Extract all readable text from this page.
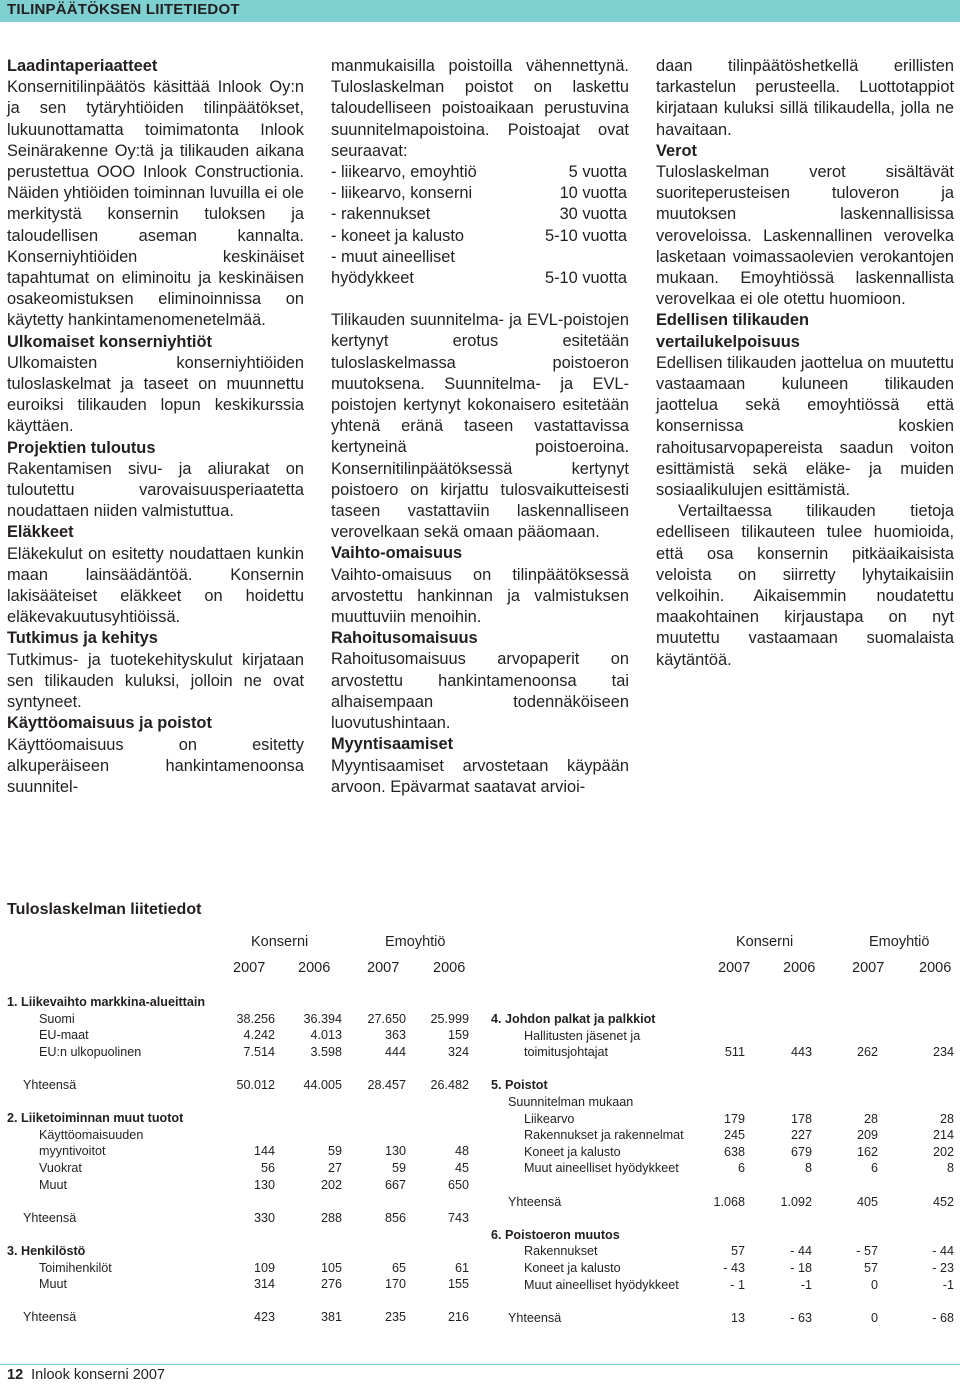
TILINPÄÄTÖKSEN LIITETIEDOT
Laadintaperiaatteet

Konsernitilinpäätös käsittää Inlook Oy:n ja sen tytäryhtiöiden tilinpäätökset, lukuunottamatta toimimatonta Inlook Seinärakenne Oy:tä ja tilikauden aikana perustettua OOO Inlook Constructionia. Näiden yhtiöiden toiminnan luvuilla ei ole merkitystä konsernin tuloksen ja taloudellisen aseman kannalta. Konserniyhtiöiden keskinäiset tapahtumat on eliminoitu ja keskinäisen osakeomistuksen eliminoinnissa on käytetty hankintamenomenetelmää.

Ulkomaiset konserniyhtiöt

Ulkomaisten konserniyhtiöiden tuloslaskelmat ja taseet on muunnettu euroiksi tilikauden lopun keskikurssia käyttäen.

Projektien tuloutus

Rakentamisen sivu- ja aliurakat on tuloutettu varovaisuusperiaatetta noudattaen niiden valmistuttua.

Eläkkeet

Eläkekulut on esitetty noudattaen kunkin maan lainsäädäntöä. Konsernin lakisääteiset eläkkeet on hoidettu eläkevakuutusyhtiöissä.

Tutkimus ja kehitys

Tutkimus- ja tuotekehityskulut kirjataan sen tilikauden kuluksi, jolloin ne ovat syntyneet.

Käyttöomaisuus ja poistot

Käyttöomaisuus on esitetty alkuperäiseen hankintamenoonsa suunnitel-

manmukaisilla poistoilla vähennettynä. Tuloslaskelman poistot on laskettu taloudelliseen poistoaikaan perustuvina suunnitelmapoistoina. Poistoajat ovat seuraavat:

- liikearvo, emoyhtiö	5 vuotta
- liikearvo, konserni	10 vuotta
- rakennukset	30 vuotta
- koneet ja kalusto	5-10 vuotta
- muut aineelliset hyödykkeet	5-10 vuotta

Tilikauden suunnitelma- ja EVL-poistojen kertynyt erotus esitetään tuloslaskelmassa poistoeron muutoksena. Suunnitelma- ja EVL-poistojen kertynyt kokonaisero esitetään yhtenä eränä taseen vastattavissa kertyneinä poistoeroina. Konsernitilinpäätöksessä kertynyt poistoero on kirjattu tulosvaikutteisesti taseen vastattaviin laskennalliseen verovelkaan sekä omaan pääomaan.

Vaihto-omaisuus

Vaihto-omaisuus on tilinpäätöksessä arvostettu hankinnan ja valmistuksen muuttuviin menoihin.

Rahoitusomaisuus

Rahoitusomaisuus arvopaperit on arvostettu hankintamenoonsa tai alhaisempaan todennäköiseen luovutushintaan.

Myyntisaamiset

Myyntisaamiset arvostetaan käypään arvoon. Epävarmat saatavat arvioi-

daan tilinpäätöshetkellä erillisten tarkastelun perusteella. Luottotappiot kirjataan kuluksi sillä tilikaudella, jolla ne havaitaan.

Verot

Tuloslaskelman verot sisältävät suoriteperusteisen tuloveron ja muutoksen laskennallisissa veroveloissa. Laskennallinen verovelka lasketaan voimassaolevien verokantojen mukaan. Emoyhtiössä laskennallista verovelkaa ei ole otettu huomioon.

Edellisen tilikauden vertailukelpoisuus

Edellisen tilikauden jaottelua on muutettu vastaamaan kuluneen tilikauden jaottelua sekä emoyhtiössä että konsernissa koskien rahoitusarvopapereista saadun voiton esittämistä sekä eläke- ja muiden sosiaalikulujen esittämistä.

Vertailtaessa tilikauden tietoja edelliseen tilikauteen tulee huomioida, että osa konsernin pitkäaikaisista veloista on siirretty lyhytaikaisiin velkoihin. Aikaisemmin noudatettu maakohtainen kirjaustapa on nyt muutettu vastaamaan suomalaista käytäntöä.

Tuloslaskelman liitetiedot
Konserni	Emoyhtiö
2007 2006	2007 2006
Konserni	Emoyhtiö
2007 2006	2007 2006
1. Liikevaihto markkina-alueittain				
Suomi	38.256	36.394	27.650	25.999
EU-maat	4.242	4.013	363	159
EU:n ulkopuolinen	7.514	3.598	444	324

Yhteensä	50.012	44.005	28.457	26.482

2. Liiketoiminnan muut tuotot				
Käyttöomaisuuden				
myyntivoitot	144	59	130	48
Vuokrat	56	27	59	45
Muut	130	202	667	650

Yhteensä	330	288	856	743

3. Henkilöstö				
Toimihenkilöt	109	105	65	61
Muut	314	276	170	155

Yhteensä	423	381	235	216
4. Johdon palkat ja palkkiot				
Hallitusten jäsenet ja				
toimitusjohtajat	511	443	262	234

5. Poistot				
Suunnitelman mukaan				
Liikearvo	179	178	28	28
Rakennukset ja rakennelmat	245	227	209	214
Koneet ja kalusto	638	679	162	202
Muut aineelliset hyödykkeet	6	8	6	8

Yhteensä	1.068	1.092	405	452

6. Poistoeron muutos				
Rakennukset	57	- 44	- 57	- 44
Koneet ja kalusto	- 43	- 18	57	- 23
Muut aineelliset hyödykkeet	- 1	-1	0	-1

Yhteensä	13	- 63	0	- 68
12 Inlook konserni 2007
